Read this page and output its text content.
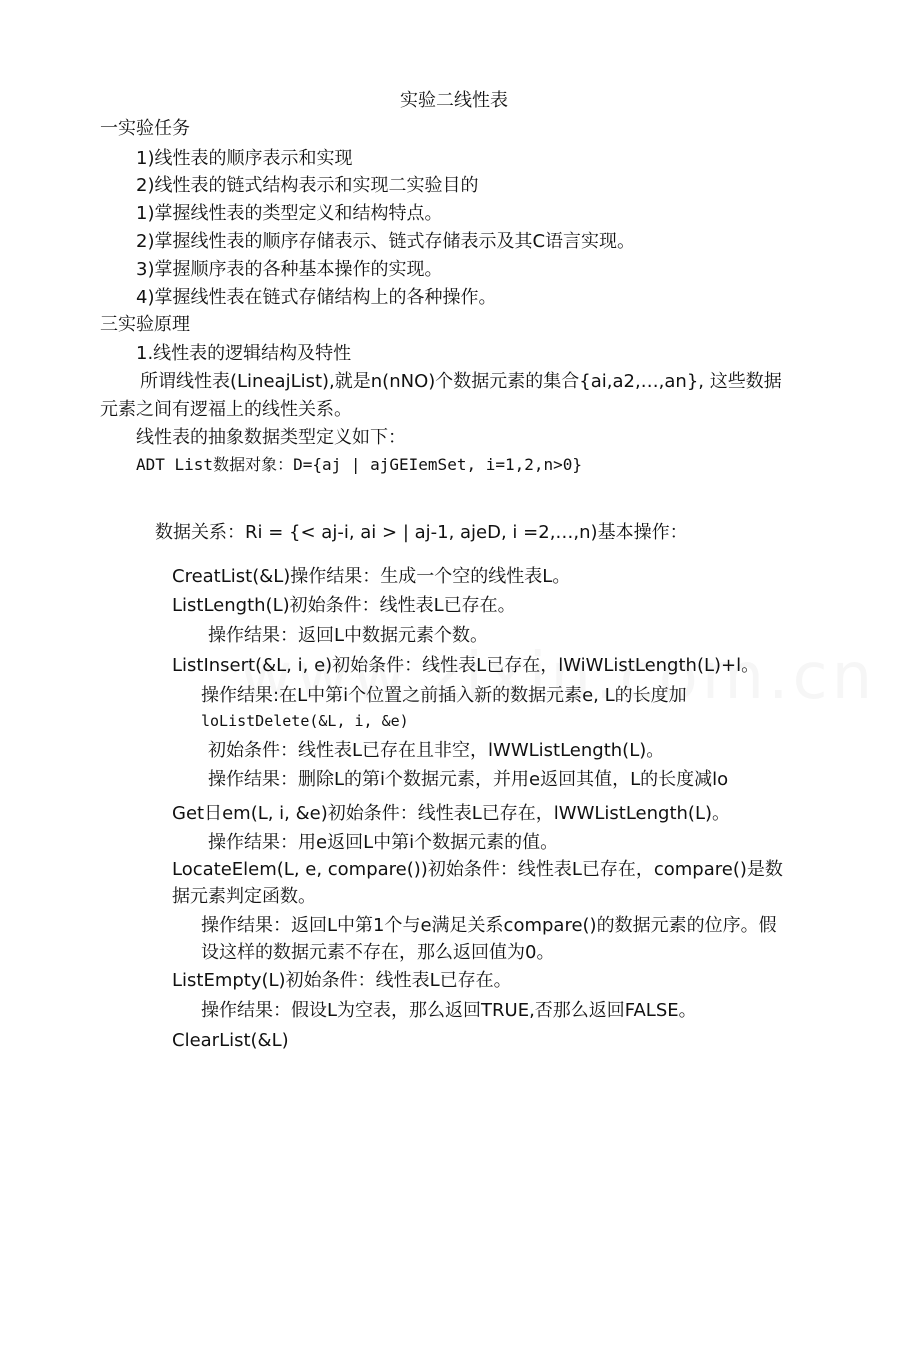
实验二线性表

一实验任务

1)线性表的顺序表示和实现

2)线性表的链式结构表示和实现二实验目的

1)掌握线性表的类型定义和结构特点。

2)掌握线性表的顺序存储表示、链式存储表示及其C语言实现。

3)掌握顺序表的各种基本操作的实现。

4)掌握线性表在链式存储结构上的各种操作。

三实验原理

1.线性表的逻辑结构及特性

所谓线性表(LineajList),就是n(nNO)个数据元素的集合{ai,a2,…,an}, 这些数据

元素之间有逻福上的线性关系。

线性表的抽象数据类型定义如下：

ADT List数据对象：D={aj | ajGEIemSet, i=1,2,n>0}

数据关系：Ri = {< aj-i, ai > | aj-1, ajeD, i =2,…,n)基本操作：

CreatList(&L)操作结果：生成一个空的线性表L。

ListLength(L)初始条件：线性表L已存在。

操作结果：返回L中数据元素个数。

ListInsert(&L, i, e)初始条件：线性表L已存在，lWiWListLength(L)+l。

操作结果:在L中第i个位置之前插入新的数据元素e, L的长度加

loListDelete(&L, i, &e)

初始条件：线性表L已存在且非空，lWWListLength(L)。

操作结果：删除L的第i个数据元素，并用e返回其值，L的长度减lo

Get日em(L, i, &e)初始条件：线性表L已存在，lWWListLength(L)。

操作结果：用e返回L中第i个数据元素的值。

LocateElem(L, e, compare())初始条件：线性表L已存在，compare()是数

据元素判定函数。

操作结果：返回L中第1个与e满足关系compare()的数据元素的位序。假

设这样的数据元素不存在，那么返回值为0。

ListEmpty(L)初始条件：线性表L已存在。

操作结果：假设L为空表，那么返回TRUE,否那么返回FALSE。

ClearList(&L)
